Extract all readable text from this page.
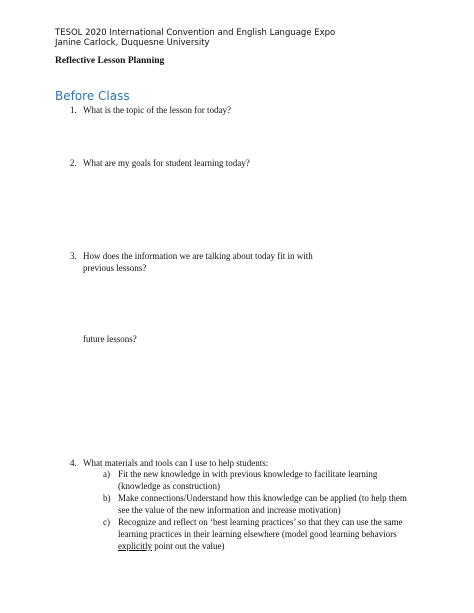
TESOL 2020 International Convention and English Language Expo
Janine Carlock, Duquesne University
Reflective Lesson Planning
Before Class
1. What is the topic of the lesson for today?
2. What are my goals for student learning today?
3. How does the information we are talking about today fit in with
previous lessons?
future lessons?
4. What materials and tools can I use to help students:
a) Fit the new knowledge in with previous knowledge to facilitate learning
(knowledge as construction)
b) Make connections/Understand how this knowledge can be applied (to help them
see the value of the new information and increase motivation)
c) Recognize and reflect on ‘best learning practices’ so that they can use the same
learning practices in their learning elsewhere (model good learning behaviors
explicitly point out the value)
